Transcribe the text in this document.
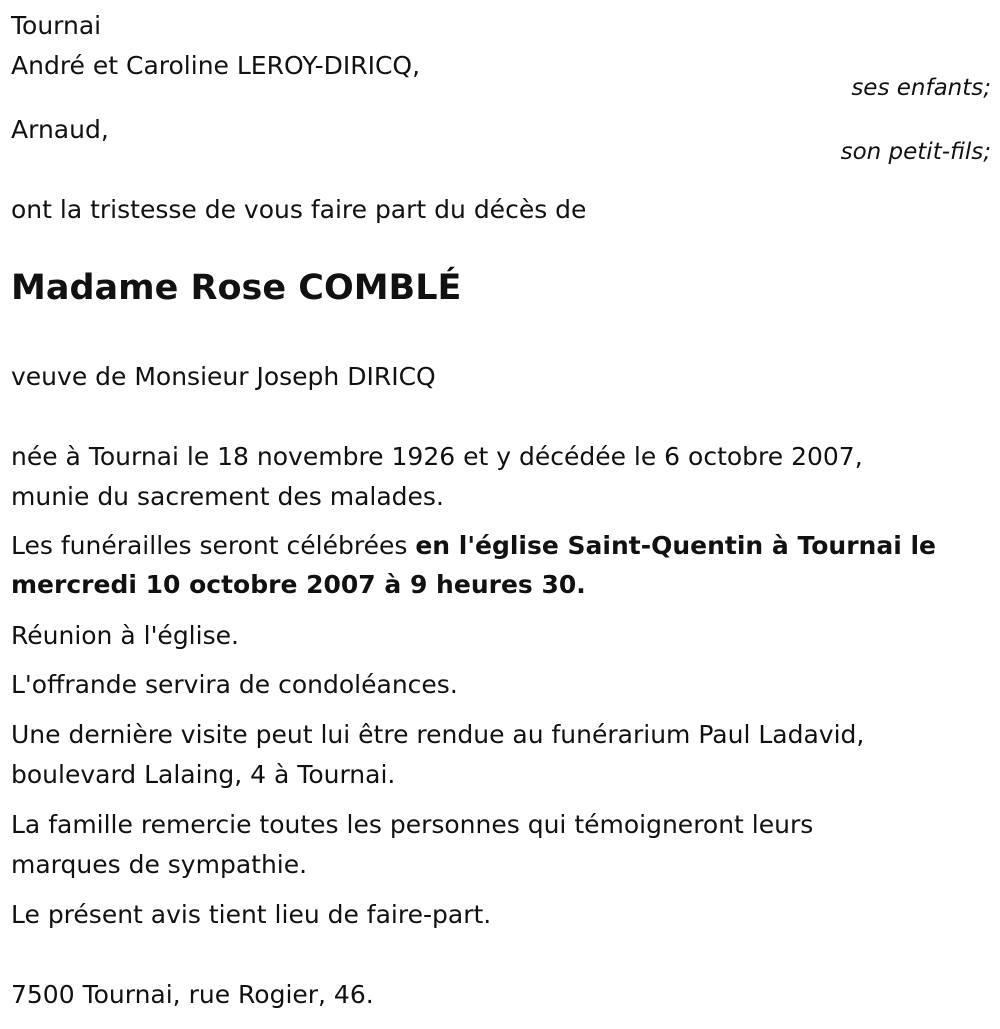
Tournai
André et Caroline LEROY-DIRICQ,
ses enfants;
Arnaud,
son petit-fils;
ont la tristesse de vous faire part du décès de
Madame Rose COMBLÉ
veuve de Monsieur Joseph DIRICQ
née à Tournai le 18 novembre 1926 et y décédée le 6 octobre 2007,
munie du sacrement des malades.
Les funérailles seront célébrées en l'église Saint-Quentin à Tournai le mercredi 10 octobre 2007 à 9 heures 30.
Réunion à l'église.
L'offrande servira de condoléances.
Une dernière visite peut lui être rendue au funérarium Paul Ladavid,
boulevard Lalaing, 4 à Tournai.
La famille remercie toutes les personnes qui témoigneront leurs
marques de sympathie.
Le présent avis tient lieu de faire-part.
7500 Tournai, rue Rogier, 46.
